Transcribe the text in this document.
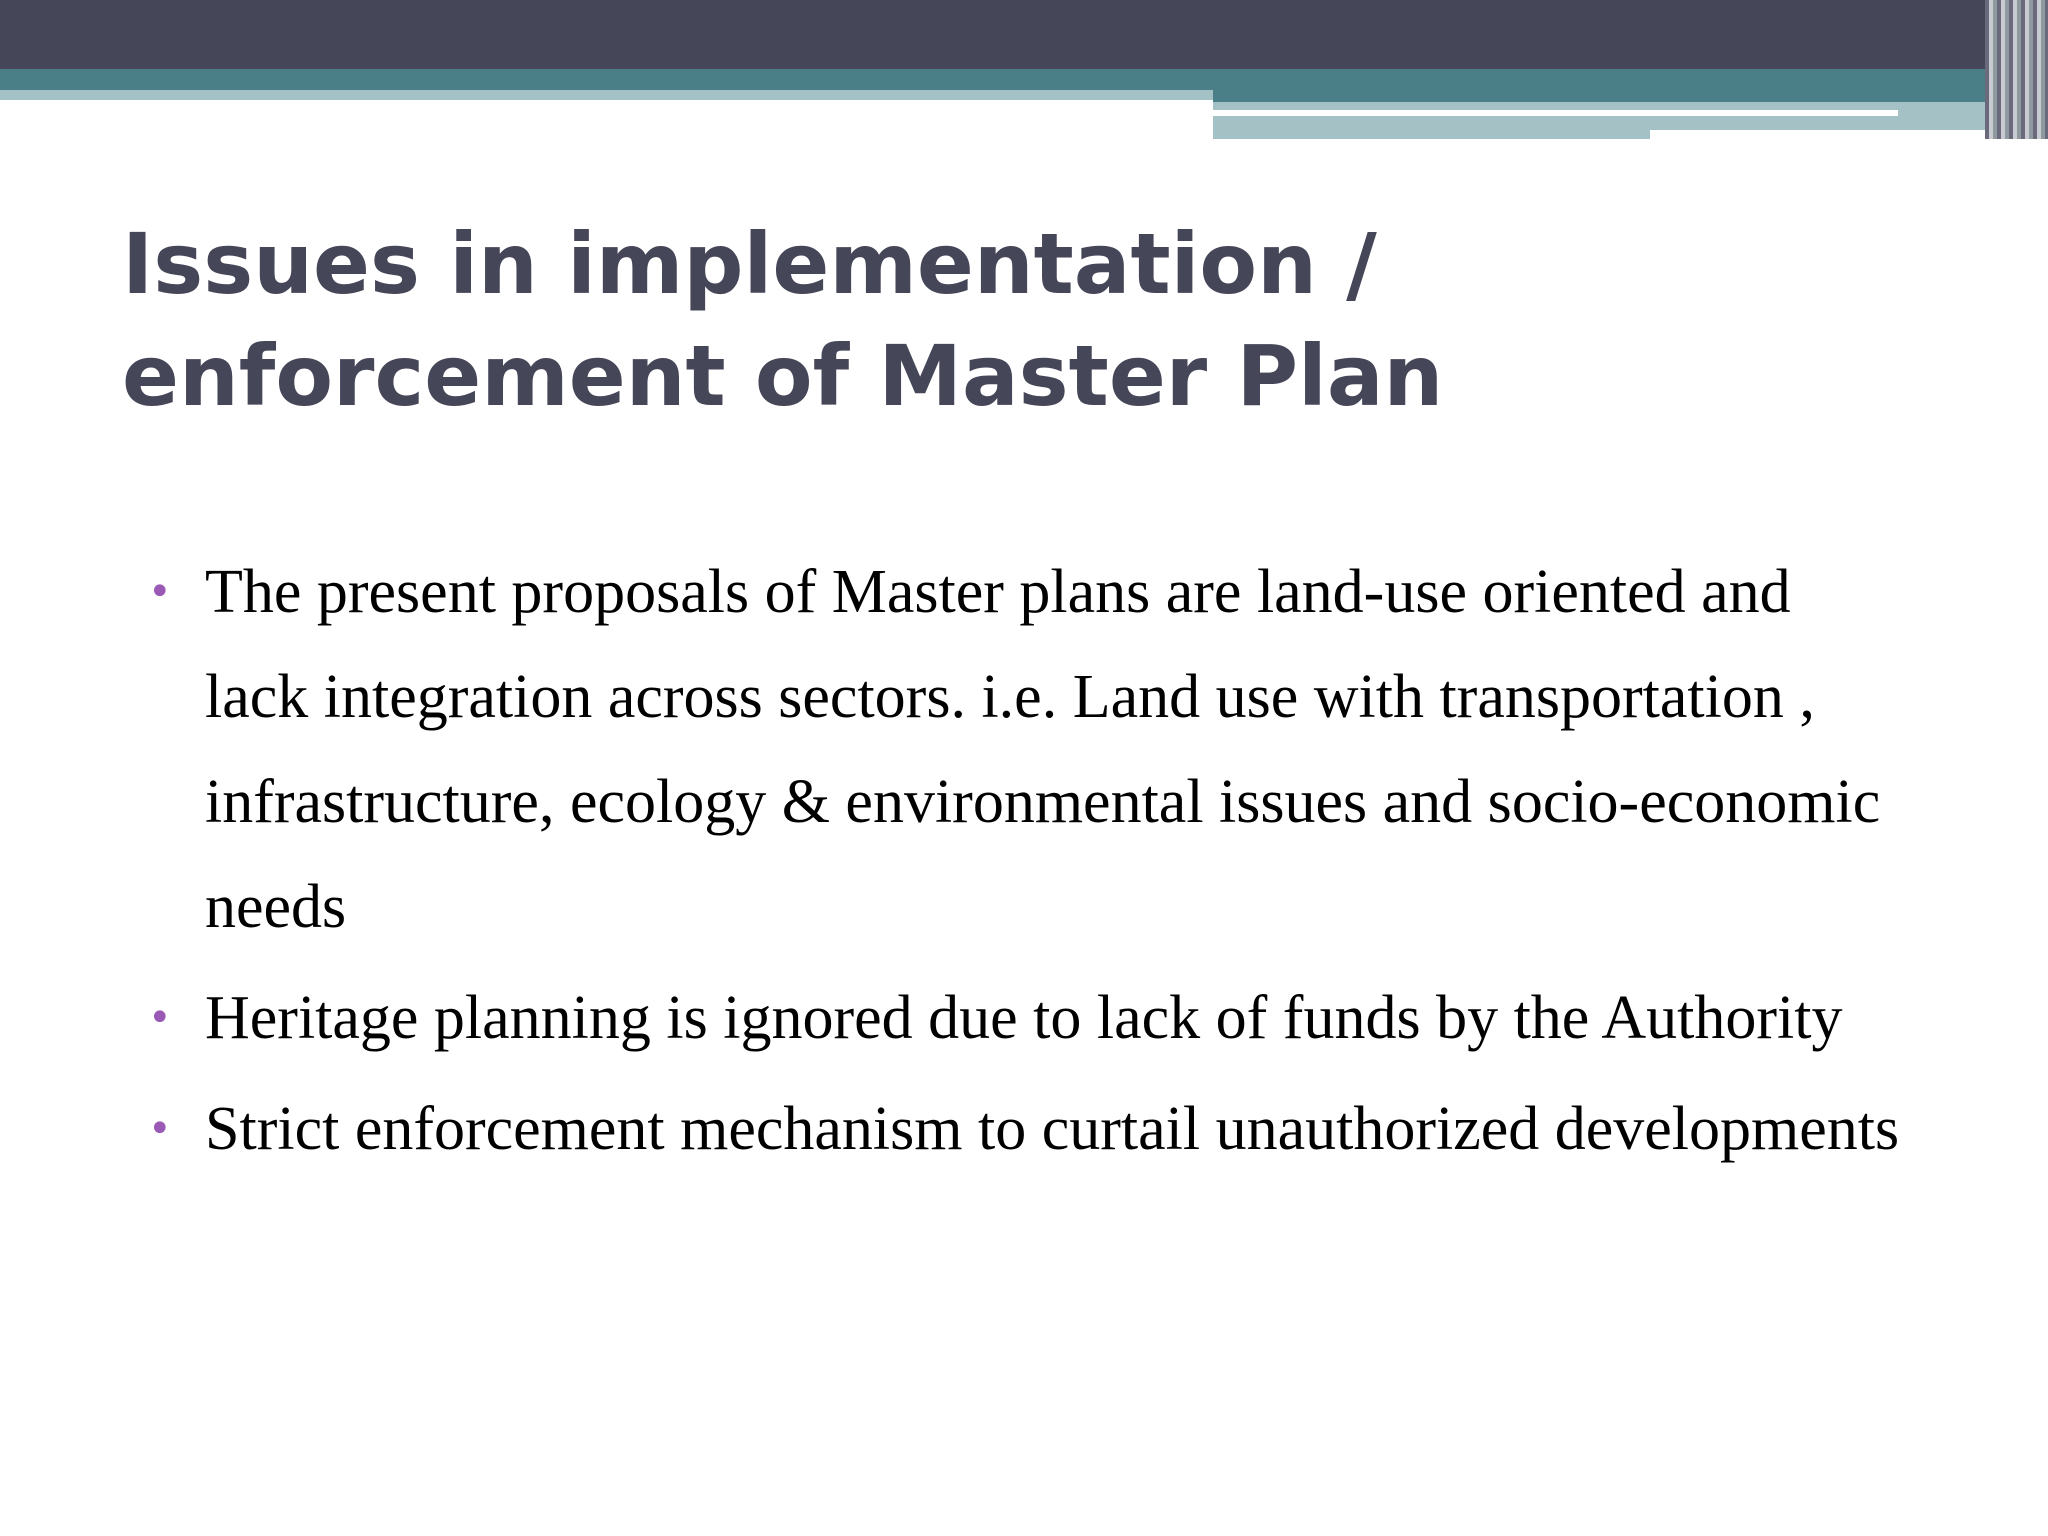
Issues in implementation / enforcement of Master Plan
• The present proposals of Master plans are land-use oriented and lack integration across sectors. i.e. Land use with transportation , infrastructure, ecology & environmental issues and socio-economic needs
• Heritage planning is ignored due to lack of funds by the Authority
• Strict enforcement mechanism to curtail unauthorized developments
